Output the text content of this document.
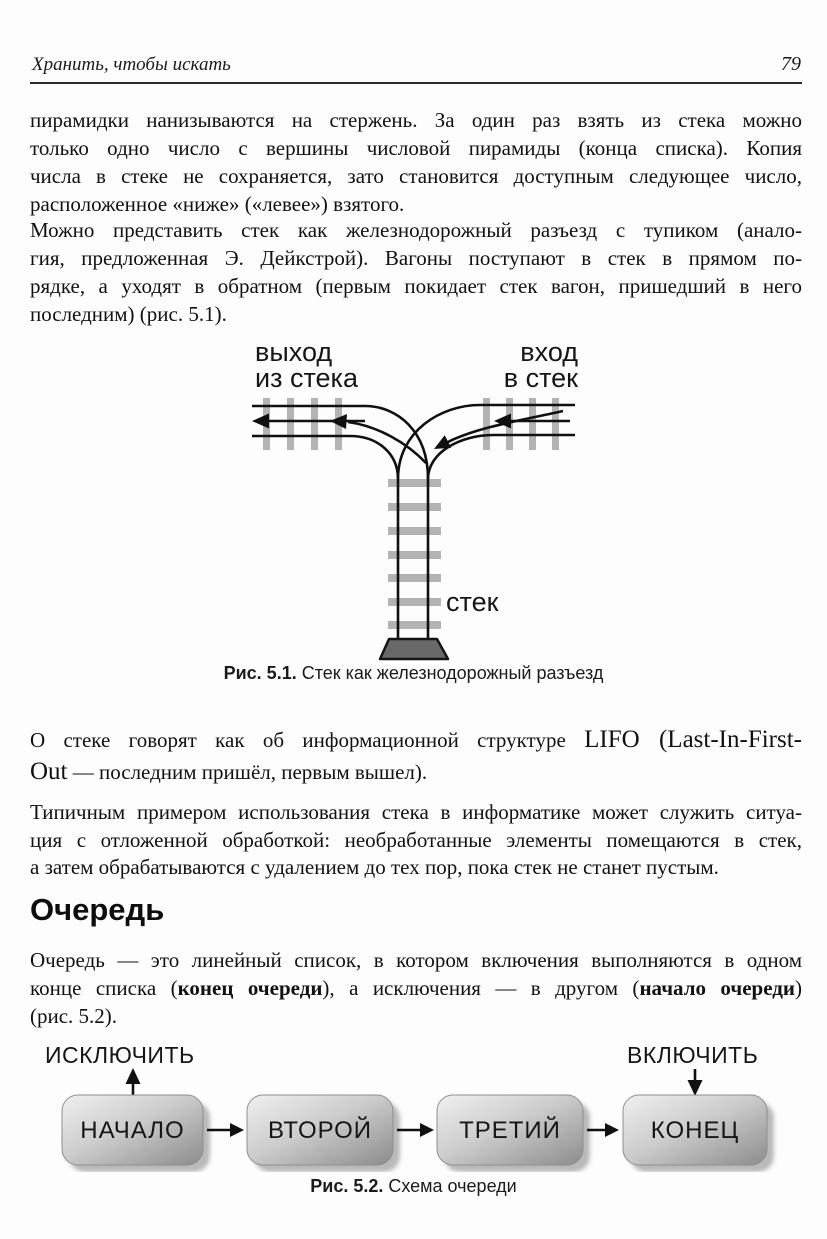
Хранить, чтобы искать	79
пирамидки нанизываются на стержень. За один раз взять из стека можно
только одно число с вершины числовой пирамиды (конца списка). Копия
числа в стеке не сохраняется, зато становится доступным следующее число,
расположенное «ниже» («левее») взятого.
Можно представить стек как железнодорожный разъезд с тупиком (анало-
гия, предложенная Э. Дейкстрой). Вагоны поступают в стек в прямом по-
рядке, а уходят в обратном (первым покидает стек вагон, пришедший в него
последним) (рис. 5.1).
выход
из стека
вход
в стек
стек
Рис. 5.1. Стек как железнодорожный разъезд
О стеке говорят как об информационной структуре LIFO (Last-In-First-
Out — последним пришёл, первым вышел).
Типичным примером использования стека в информатике может служить ситуа-
ция с отложенной обработкой: необработанные элементы помещаются в стек,
а затем обрабатываются с удалением до тех пор, пока стек не станет пустым.
Очередь
Очередь — это линейный список, в котором включения выполняются в одном
конце списка (конец очереди), а исключения — в другом (начало очереди)
(рис. 5.2).
ИСКЛЮЧИТЬ	ВКЛЮЧИТЬ
НАЧАЛО	ВТОРОЙ	ТРЕТИЙ	КОНЕЦ
Рис. 5.2. Схема очереди
